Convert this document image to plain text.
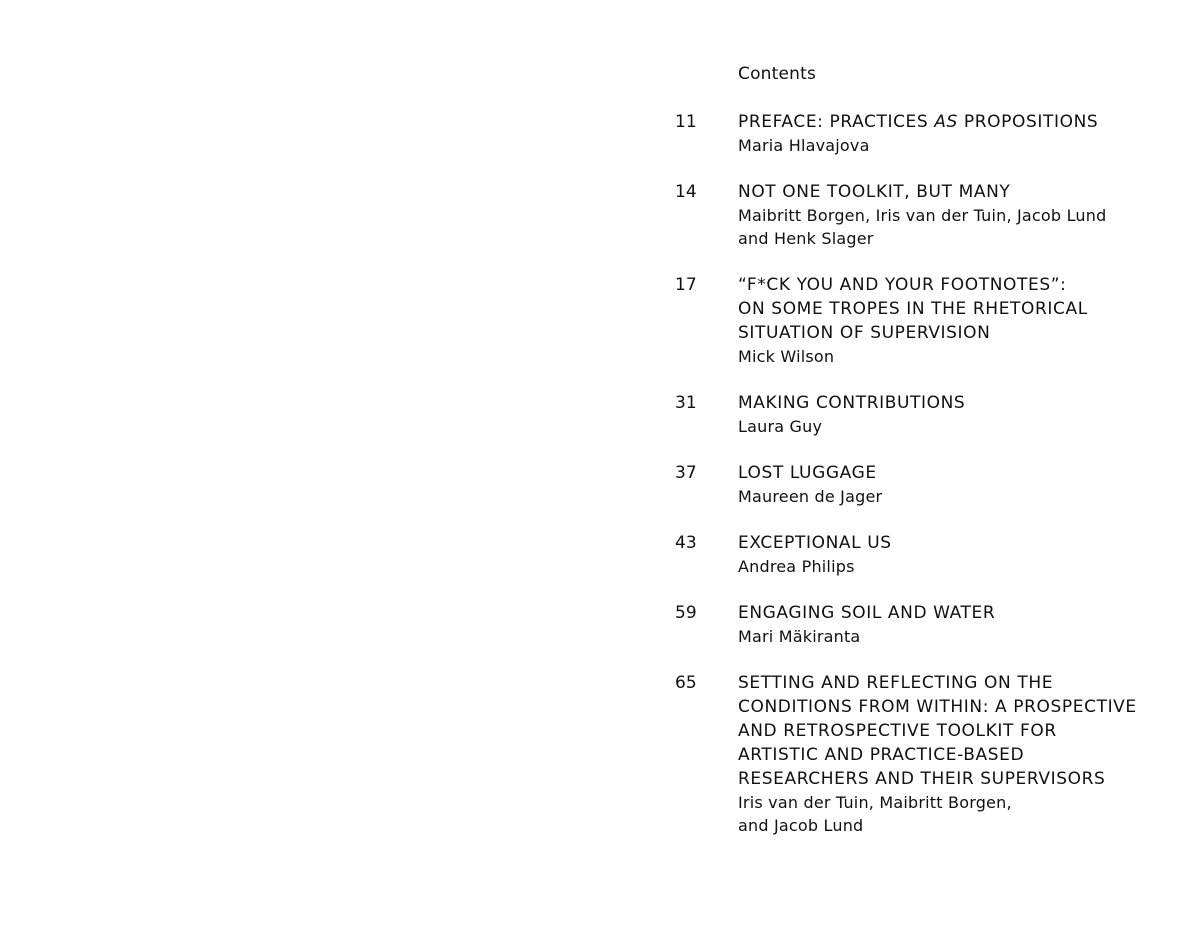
Contents
11	PREFACE: PRACTICES AS PROPOSITIONS
Maria Hlavajova
14	NOT ONE TOOLKIT, BUT MANY
Maibritt Borgen, Iris van der Tuin, Jacob Lund
and Henk Slager
17	“F*CK YOU AND YOUR FOOTNOTES”:
ON SOME TROPES IN THE RHETORICAL
SITUATION OF SUPERVISION
Mick Wilson
31	MAKING CONTRIBUTIONS
Laura Guy
37	LOST LUGGAGE
Maureen de Jager
43	EXCEPTIONAL US
Andrea Philips
59	ENGAGING SOIL AND WATER
Mari Mäkiranta
65	SETTING AND REFLECTING ON THE
CONDITIONS FROM WITHIN: A PROSPECTIVE
AND RETROSPECTIVE TOOLKIT FOR
ARTISTIC AND PRACTICE-BASED
RESEARCHERS AND THEIR SUPERVISORS
Iris van der Tuin, Maibritt Borgen,
and Jacob Lund
